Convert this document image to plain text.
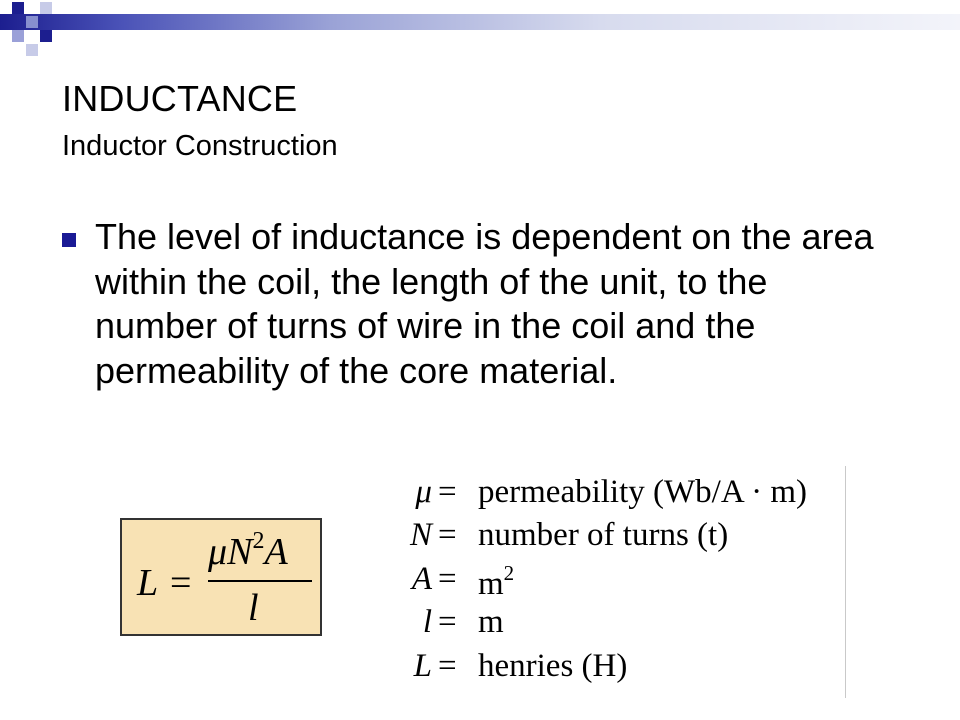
INDUCTANCE
Inductor Construction
The level of inductance is dependent on the area within the coil, the length of the unit, to the number of turns of wire in the coil and the permeability of the core material.
L =
$\mu N^2A$
l
μ = permeability (Wb/A · m)
N = number of turns (t)
$A = m^2$
l = m
L = henries (H)
